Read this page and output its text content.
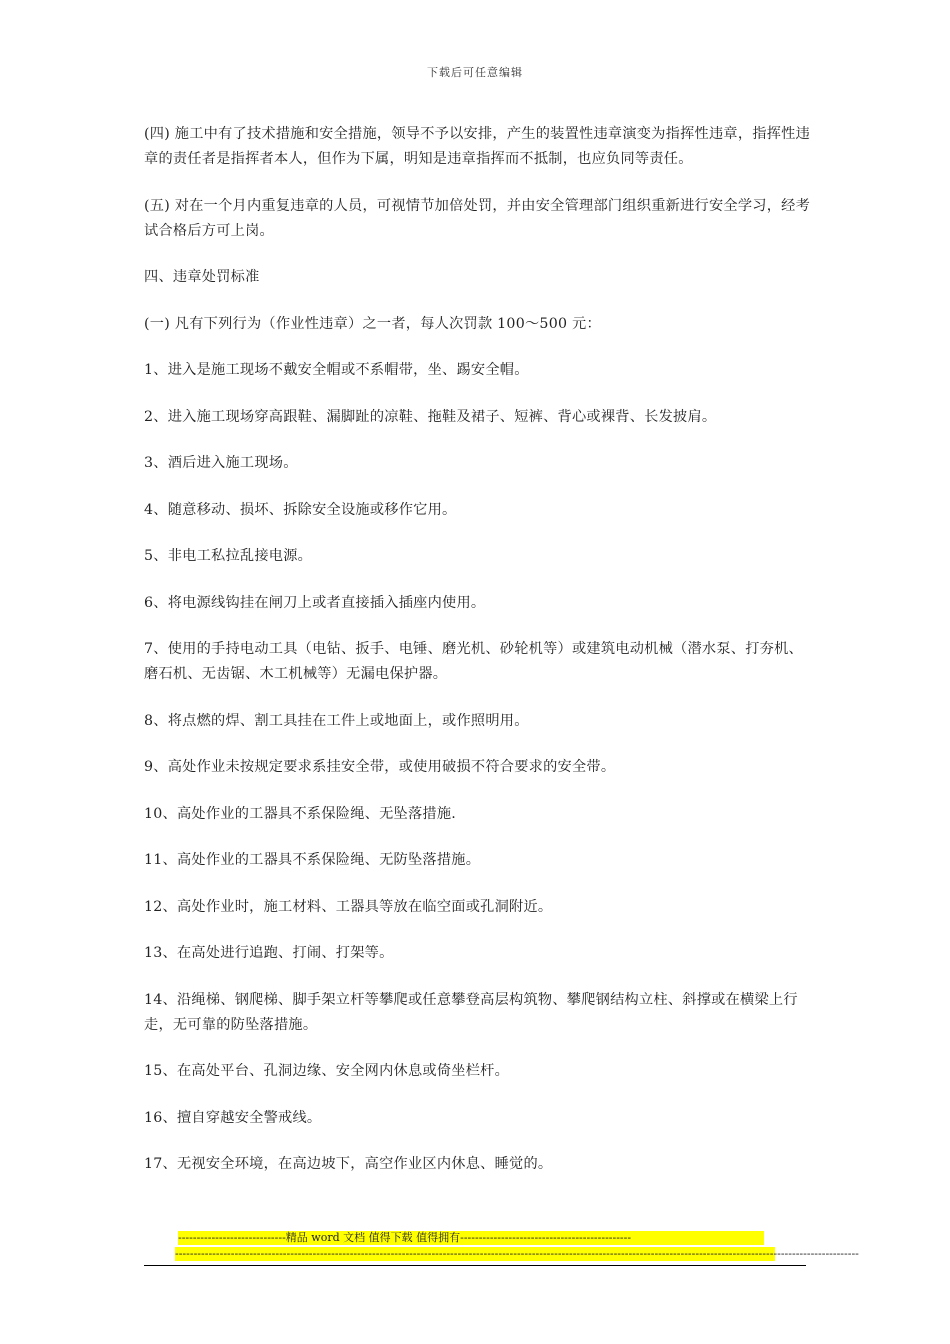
下载后可任意编辑

(四) 施工中有了技术措施和安全措施，领导不予以安排，产生的装置性违章演变为指挥性违章，指挥性违章的责任者是指挥者本人，但作为下属，明知是违章指挥而不抵制，也应负同等责任。

(五) 对在一个月内重复违章的人员，可视情节加倍处罚，并由安全管理部门组织重新进行安全学习，经考试合格后方可上岗。

四、违章处罚标准

(一) 凡有下列行为（作业性违章）之一者，每人次罚款 100～500 元：

1、进入是施工现场不戴安全帽或不系帽带，坐、踢安全帽。

2、进入施工现场穿高跟鞋、漏脚趾的凉鞋、拖鞋及裙子、短裤、背心或裸背、长发披肩。

3、酒后进入施工现场。

4、随意移动、损坏、拆除安全设施或移作它用。

5、非电工私拉乱接电源。

6、将电源线钩挂在闸刀上或者直接插入插座内使用。

7、使用的手持电动工具（电钻、扳手、电锤、磨光机、砂轮机等）或建筑电动机械（潜水泵、打夯机、磨石机、无齿锯、木工机械等）无漏电保护器。

8、将点燃的焊、割工具挂在工件上或地面上，或作照明用。

9、高处作业未按规定要求系挂安全带，或使用破损不符合要求的安全带。

10、高处作业的工器具不系保险绳、无坠落措施.

11、高处作业的工器具不系保险绳、无防坠落措施。

12、高处作业时，施工材料、工器具等放在临空面或孔洞附近。

13、在高处进行追跑、打闹、打架等。

14、沿绳梯、钢爬梯、脚手架立杆等攀爬或任意攀登高层构筑物、攀爬钢结构立柱、斜撑或在横梁上行走，无可靠的防坠落措施。

15、在高处平台、孔洞边缘、安全网内休息或倚坐栏杆。

16、擅自穿越安全警戒线。

17、无视安全环境，在高边坡下，高空作业区内休息、睡觉的。

-----------------------------精品 word 文档 值得下载 值得拥有----------------------------------------------
----------------------------------------------------------------------------------------------------------------------------------------------------------------------------------------
